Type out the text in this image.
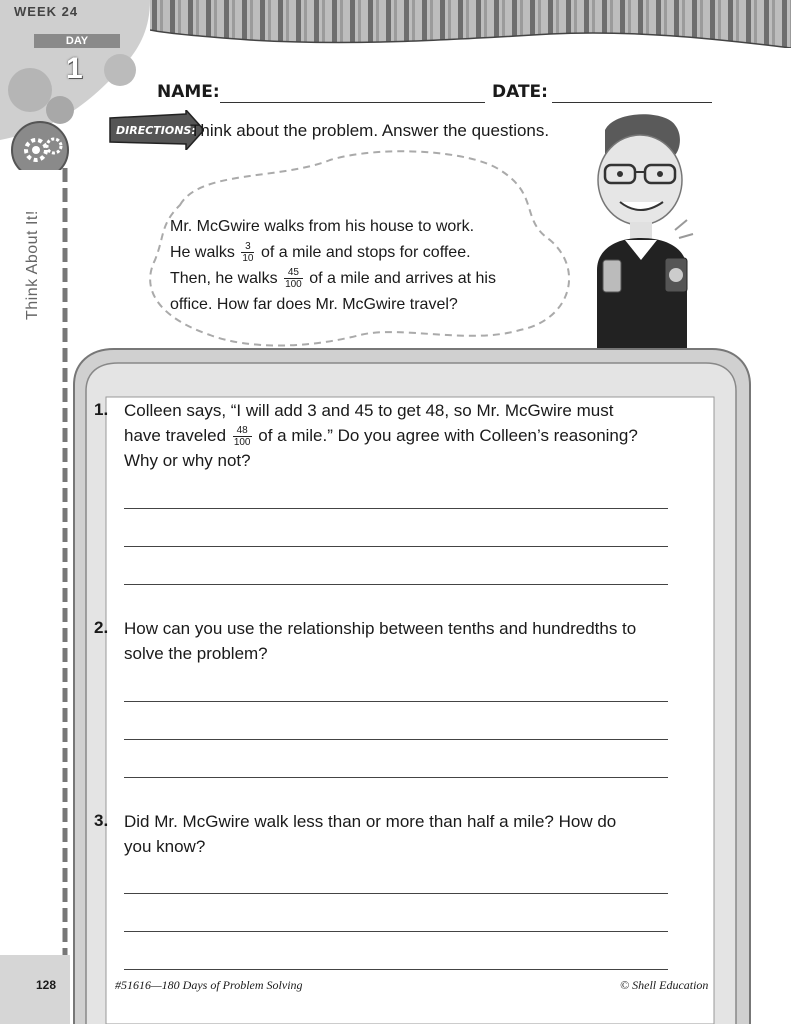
WEEK 24
DAY
1
Think About It!
NAME:	DATE:
DIRECTIONS:
Think about the problem. Answer the questions.
Mr. McGwire walks from his house to work.
He walks $\frac{3}{10}$ of a mile and stops for coffee.
Then, he walks $\frac{45}{100}$ of a mile and arrives at his
office. How far does Mr. McGwire travel?
1. Colleen says, “I will add 3 and 45 to get 48, so Mr. McGwire must
have traveled $\frac{48}{100}$ of a mile.” Do you agree with Colleen’s reasoning?
Why or why not?
2. How can you use the relationship between tenths and hundredths to
solve the problem?
3. Did Mr. McGwire walk less than or more than half a mile? How do
you know?
128	#51616—180 Days of Problem Solving	© Shell Education
